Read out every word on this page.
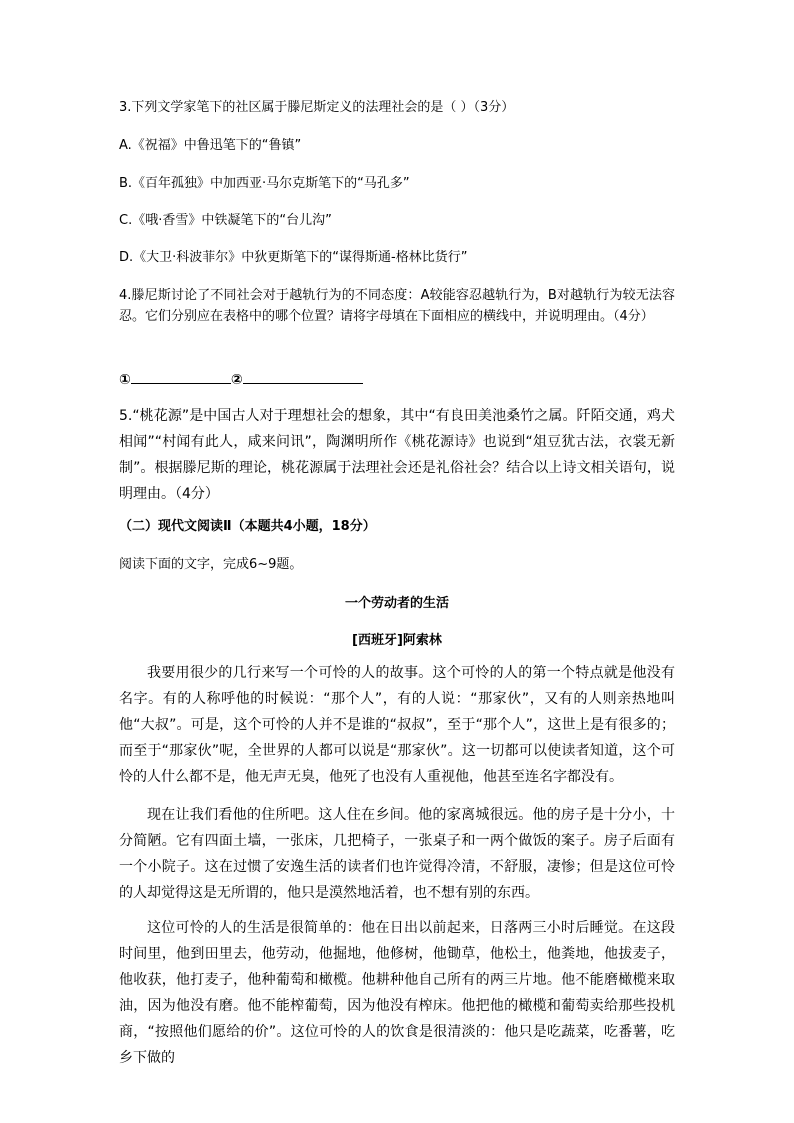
3.下列文学家笔下的社区属于滕尼斯定义的法理社会的是（ ）（3分）
A.《祝福》中鲁迅笔下的“鲁镇”
B.《百年孤独》中加西亚·马尔克斯笔下的“马孔多”
C.《哦·香雪》中铁凝笔下的“台儿沟”
D.《大卫·科波菲尔》中狄更斯笔下的“谋得斯通-格林比货行”
4.滕尼斯讨论了不同社会对于越轨行为的不同态度：A较能容忍越轨行为，B对越轨行为较无法容忍。它们分别应在表格中的哪个位置？请将字母填在下面相应的横线中，并说明理由。（4分）
①	②
5.“桃花源”是中国古人对于理想社会的想象，其中“有良田美池桑竹之属。阡陌交通，鸡犬相闻”“村闻有此人，咸来问讯”，陶渊明所作《桃花源诗》也说到“俎豆犹古法，衣裳无新制”。根据滕尼斯的理论，桃花源属于法理社会还是礼俗社会？结合以上诗文相关语句，说明理由。（4分）
（二）现代文阅读Ⅱ（本题共4小题，18分）
阅读下面的文字，完成6~9题。
一个劳动者的生活
[西班牙]阿索林
我要用很少的几行来写一个可怜的人的故事。这个可怜的人的第一个特点就是他没有名字。有的人称呼他的时候说：“那个人”，有的人说：“那家伙”，又有的人则亲热地叫他“大叔”。可是，这个可怜的人并不是谁的“叔叔”，至于“那个人”，这世上是有很多的；而至于“那家伙”呢，全世界的人都可以说是“那家伙”。这一切都可以使读者知道，这个可怜的人什么都不是，他无声无臭，他死了也没有人重视他，他甚至连名字都没有。
现在让我们看他的住所吧。这人住在乡间。他的家离城很远。他的房子是十分小，十分简陋。它有四面土墙，一张床，几把椅子，一张桌子和一两个做饭的案子。房子后面有一个小院子。这在过惯了安逸生活的读者们也许觉得冷清，不舒服，凄惨；但是这位可怜的人却觉得这是无所谓的，他只是漠然地活着，也不想有别的东西。
这位可怜的人的生活是很简单的：他在日出以前起来，日落两三小时后睡觉。在这段时间里，他到田里去，他劳动，他掘地，他修树，他锄草，他松土，他粪地，他拔麦子，他收获，他打麦子，他种葡萄和橄榄。他耕种他自己所有的两三片地。他不能磨橄榄来取油，因为他没有磨。他不能榨葡萄，因为他没有榨床。他把他的橄榄和葡萄卖给那些投机商，“按照他们愿给的价”。这位可怜的人的饮食是很清淡的：他只是吃蔬菜，吃番薯，吃乡下做的
